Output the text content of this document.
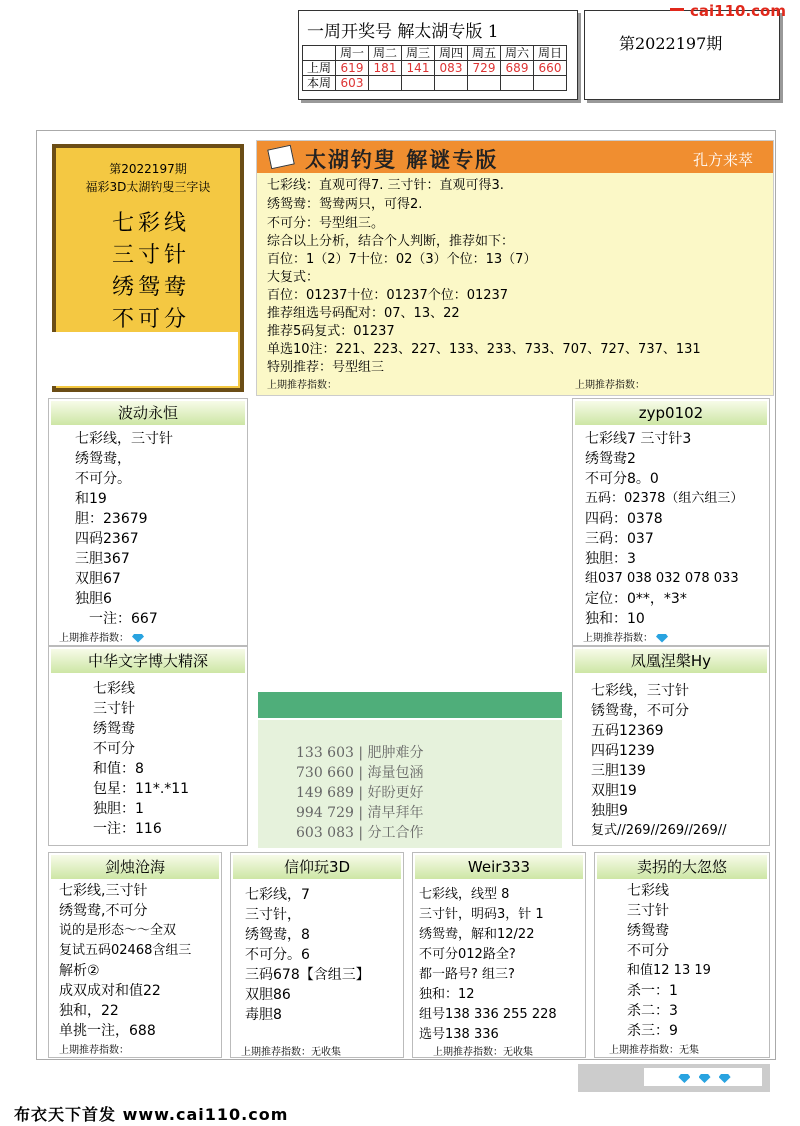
一周开奖号 解太湖专版 1
	周一	周二	周三	周四	周五	周六	周日
上周	619	181	141	083	729	689	660
本周	603						
第2022197期
cai110.com
第2022197期
福彩3D太湖钓叟三字诀
七彩线
三寸针
绣鸳鸯
不可分
太湖钓叟 解谜专版	孔方来萃
七彩线：直观可得7. 三寸针：直观可得3.
绣鸳鸯：鸳鸯两只，可得2.
不可分：号型组三。
综合以上分析，结合个人判断，推荐如下：
百位：1（2）7十位：02（3）个位：13（7）
大复式：
百位：01237十位：01237个位：01237
推荐组选号码配对：07、13、22
推荐5码复式：01237
单选10注：221、223、227、133、233、733、707、727、737、131
特别推荐：号型组三
上期推荐指数：	上期推荐指数：
波动永恒
七彩线，三寸针
绣鸳鸯，
不可分。
和19
胆：23679
四码2367
三胆367
双胆67
独胆6
一注：667
上期推荐指数：
中华文字博大精深
七彩线
三寸针
绣鸳鸯
不可分
和值：8
包星：11*.*11
独胆：1
一注：116
zyp0102
七彩线7 三寸针3
绣鸳鸯2
不可分8。0
五码：02378（组六组三）
四码：0378
三码：037
独胆：3
组037 038 032 078 033
定位：0**，*3*
独和：10
上期推荐指数：
凤凰涅槃Hy
七彩线，三寸针
锈鸳鸯，不可分
五码12369
四码1239
三胆139
双胆19
独胆9
复式//269//269//269//
133 603 | 肥肿难分
730 660 | 海量包涵
149 689 | 好盼更好
994 729 | 清早拜年
603 083 | 分工合作
剑烛沧海
七彩线,三寸针
绣鸳鸯,不可分
说的是形态～～全双
复试五码02468含组三
解析②
成双成对和值22
独和，22
单挑一注，688
上期推荐指数：
信仰玩3D
七彩线，7
三寸针，
绣鸳鸯，8
不可分。6
三码678【含组三】
双胆86
毒胆8
上期推荐指数：无收集
Weir333
七彩线，线型 8
三寸针，明码3，针 1
绣鸳鸯，解和12/22
不可分012路全?
都一路号? 组三?
独和：12
组号138 336 255 228
选号138 336
上期推荐指数：无收集
卖拐的大忽悠
七彩线
三寸针
绣鸳鸯
不可分
和值12 13 19
杀一：1
杀二：3
杀三：9
上期推荐指数：无集

布衣天下首发 www.cai110.com
